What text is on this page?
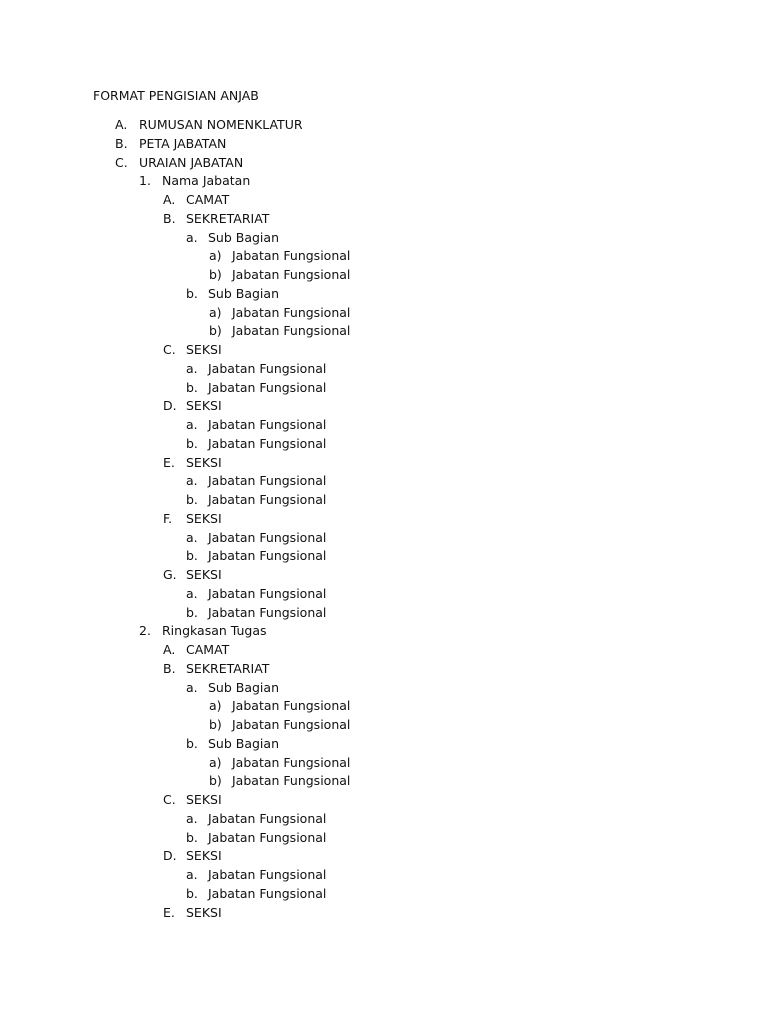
FORMAT PENGISIAN ANJAB
A. RUMUSAN NOMENKLATUR
B. PETA JABATAN
C. URAIAN JABATAN
1. Nama Jabatan
A. CAMAT
B. SEKRETARIAT
a. Sub Bagian
a) Jabatan Fungsional
b) Jabatan Fungsional
b. Sub Bagian
a) Jabatan Fungsional
b) Jabatan Fungsional
C. SEKSI
a. Jabatan Fungsional
b. Jabatan Fungsional
D. SEKSI
a. Jabatan Fungsional
b. Jabatan Fungsional
E. SEKSI
a. Jabatan Fungsional
b. Jabatan Fungsional
F. SEKSI
a. Jabatan Fungsional
b. Jabatan Fungsional
G. SEKSI
a. Jabatan Fungsional
b. Jabatan Fungsional
2. Ringkasan Tugas
A. CAMAT
B. SEKRETARIAT
a. Sub Bagian
a) Jabatan Fungsional
b) Jabatan Fungsional
b. Sub Bagian
a) Jabatan Fungsional
b) Jabatan Fungsional
C. SEKSI
a. Jabatan Fungsional
b. Jabatan Fungsional
D. SEKSI
a. Jabatan Fungsional
b. Jabatan Fungsional
E. SEKSI
